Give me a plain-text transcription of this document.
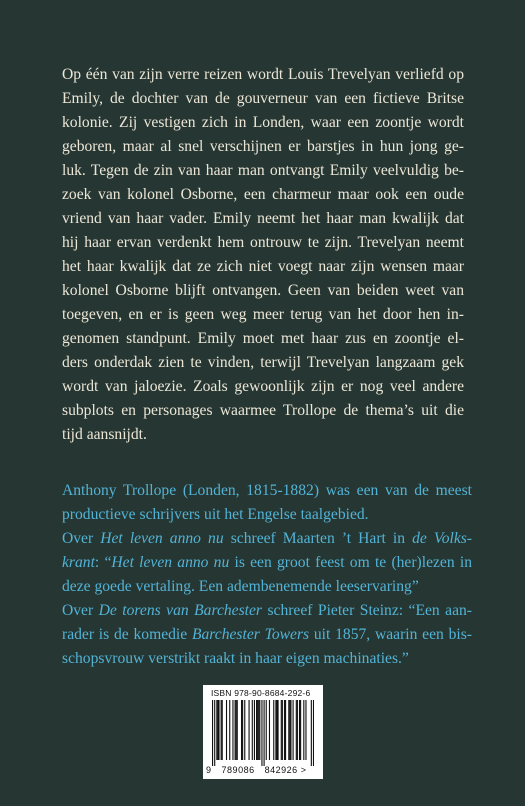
Op één van zijn verre reizen wordt Louis Trevelyan verliefd op
Emily, de dochter van de gouverneur van een fictieve Britse
kolonie. Zij vestigen zich in Londen, waar een zoontje wordt
geboren, maar al snel verschijnen er barstjes in hun jong ge-
luk. Tegen de zin van haar man ontvangt Emily veelvuldig be-
zoek van kolonel Osborne, een charmeur maar ook een oude
vriend van haar vader. Emily neemt het haar man kwalijk dat
hij haar ervan verdenkt hem ontrouw te zijn. Trevelyan neemt
het haar kwalijk dat ze zich niet voegt naar zijn wensen maar
kolonel Osborne blijft ontvangen. Geen van beiden weet van
toegeven, en er is geen weg meer terug van het door hen in-
genomen standpunt. Emily moet met haar zus en zoontje el-
ders onderdak zien te vinden, terwijl Trevelyan langzaam gek
wordt van jaloezie. Zoals gewoonlijk zijn er nog veel andere
subplots en personages waarmee Trollope de thema’s uit die
tijd aansnijdt.
Anthony Trollope (Londen, 1815-1882) was een van de meest
productieve schrijvers uit het Engelse taalgebied.
Over Het leven anno nu schreef Maarten ’t Hart in de Volks-
krant: “Het leven anno nu is een groot feest om te (her)lezen in
deze goede vertaling. Een adembenemende leeservaring”
Over De torens van Barchester schreef Pieter Steinz: “Een aan-
rader is de komedie Barchester Towers uit 1857, waarin een bis-
schopsvrouw verstrikt raakt in haar eigen machinaties.”
ISBN 978-90-8684-292-6
9 789086 842926 >
